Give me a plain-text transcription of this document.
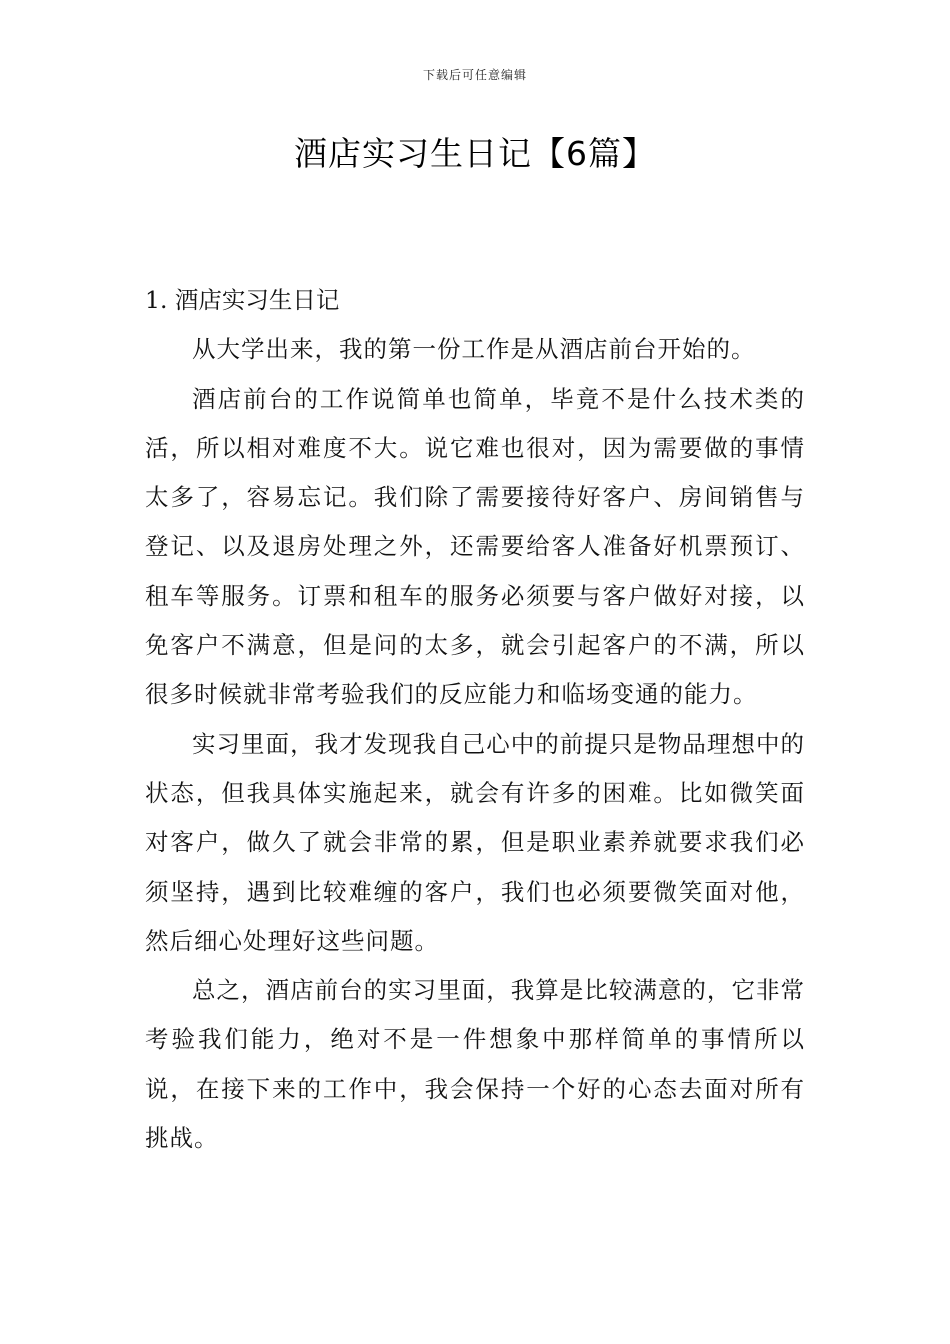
下载后可任意编辑
酒店实习生日记【6篇】
1. 酒店实习生日记

从大学出来，我的第一份工作是从酒店前台开始的。

酒店前台的工作说简单也简单，毕竟不是什么技术类的活，所以相对难度不大。说它难也很对，因为需要做的事情太多了，容易忘记。我们除了需要接待好客户、房间销售与登记、以及退房处理之外，还需要给客人准备好机票预订、租车等服务。订票和租车的服务必须要与客户做好对接，以免客户不满意，但是问的太多，就会引起客户的不满，所以很多时候就非常考验我们的反应能力和临场变通的能力。

实习里面，我才发现我自己心中的前提只是物品理想中的状态，但我具体实施起来，就会有许多的困难。比如微笑面对客户，做久了就会非常的累，但是职业素养就要求我们必须坚持，遇到比较难缠的客户，我们也必须要微笑面对他，然后细心处理好这些问题。

总之，酒店前台的实习里面，我算是比较满意的，它非常考验我们能力，绝对不是一件想象中那样简单的事情所以说，在接下来的工作中，我会保持一个好的心态去面对所有挑战。
